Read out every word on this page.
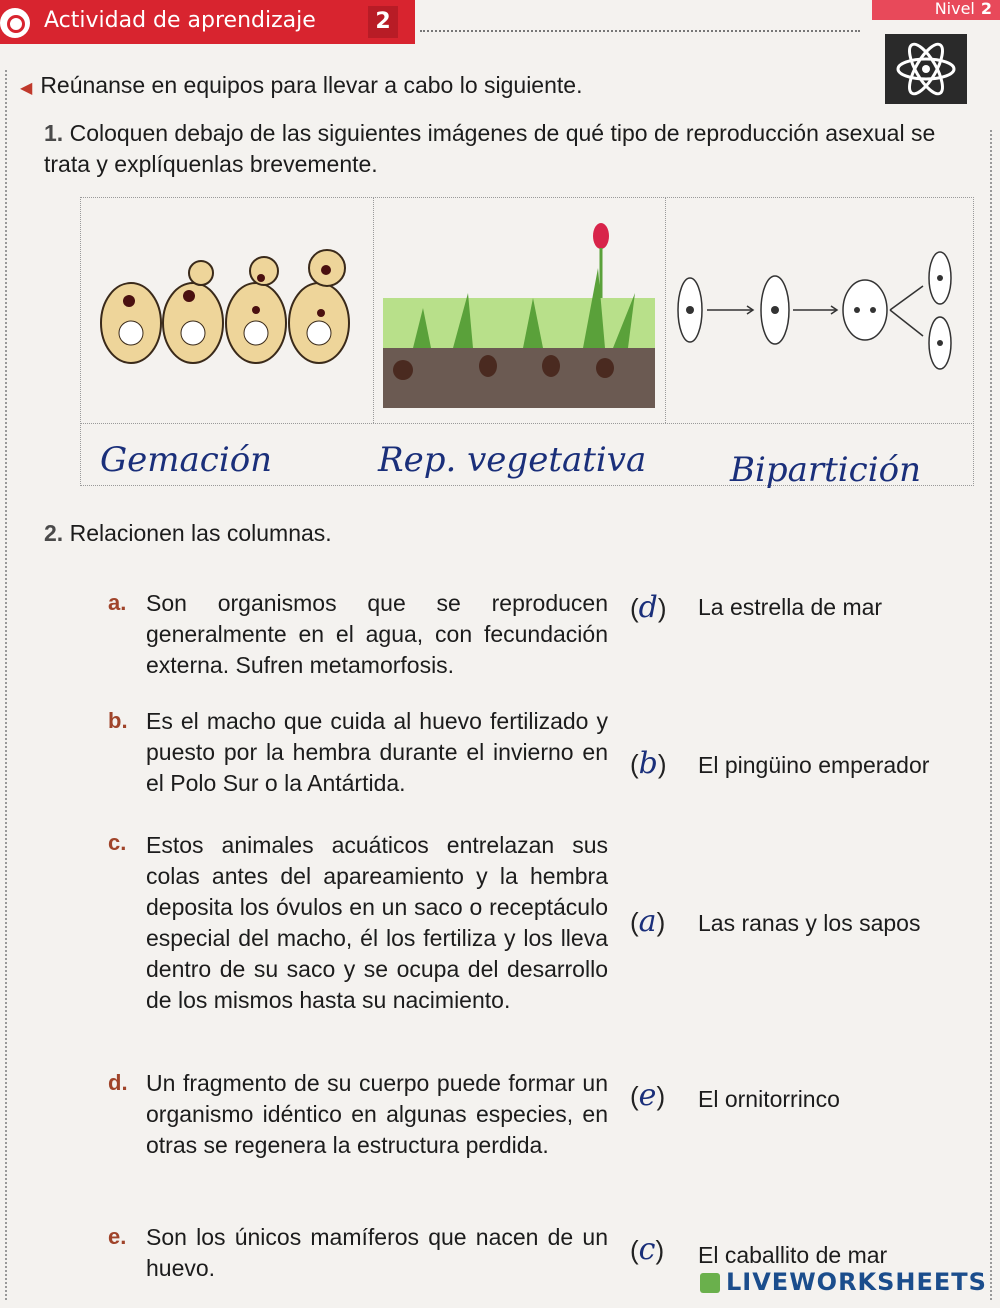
Actividad de aprendizaje	2
Nivel 2
◀ Reúnanse en equipos para llevar a cabo lo siguiente.
1. Coloquen debajo de las siguientes imágenes de qué tipo de reproducción asexual se trata y explíquenlas brevemente.
Gemación	Rep. vegetativa Bipartición
2. Relacionen las columnas.
a. Son organismos que se reproducen generalmente en el agua, con fecundación externa. Sufren metamorfosis.
(d) La estrella de mar
b. Es el macho que cuida al huevo fertilizado y puesto por la hembra durante el invierno en el Polo Sur o la Antártida.
(b) El pingüino emperador
c. Estos animales acuáticos entrelazan sus colas antes del apareamiento y la hembra deposita los óvulos en un saco o receptáculo especial del macho, él los fertiliza y los lleva dentro de su saco y se ocupa del desarrollo de los mismos hasta su nacimiento.
(a) Las ranas y los sapos
d. Un fragmento de su cuerpo puede formar un organismo idéntico en algunas especies, en otras se regenera la estructura perdida.
(e) El ornitorrinco
e. Son los únicos mamíferos que nacen de un huevo.
(c) El caballito de mar
LIVEWORKSHEETS
